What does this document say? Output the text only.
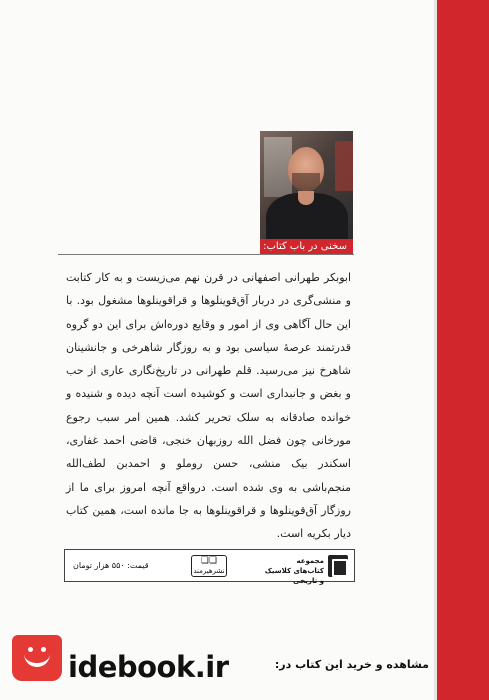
سخنی در باب کتاب:

ابوبکر طهرانی اصفهانی در قرن نهم می‌زیست و به کار کتابت و منشی‌گری در دربار آق‌قوینلوها و قراقوینلوها مشغول بود. با این حال آگاهی وی از امور و وقایع دوره‌اش برای این دو گروه قدرتمند عرصهٔ سیاسی بود و به روزگار شاهرخی و جانشینان شاهرخ نیز می‌رسید. قلم طهرانی در تاریخ‌نگاری عاری از حب و بغض و جانبداری است و کوشیده است آنچه دیده و شنیده و خوانده صادقانه به سلک تحریر کشد. همین امر سبب رجوع مورخانی چون فضل الله روزبهان خنجی، قاضی احمد غفاری، اسکندر بیک منشی، حسن روملو و احمدبن لطف‌الله منجم‌باشی به وی شده است. درواقع آنچه امروز برای ما از روزگار آق‌قوینلوها و قراقوینلوها به جا مانده است، همین کتاب دیار بکریه است.

مجموعه کتاب‌های کلاسیک و تاریخی
❏❏
نشرهیرمند
قیمت: ۵۵۰ هزار تومان
idebook.ir	مشاهده و خرید این کتاب در:
